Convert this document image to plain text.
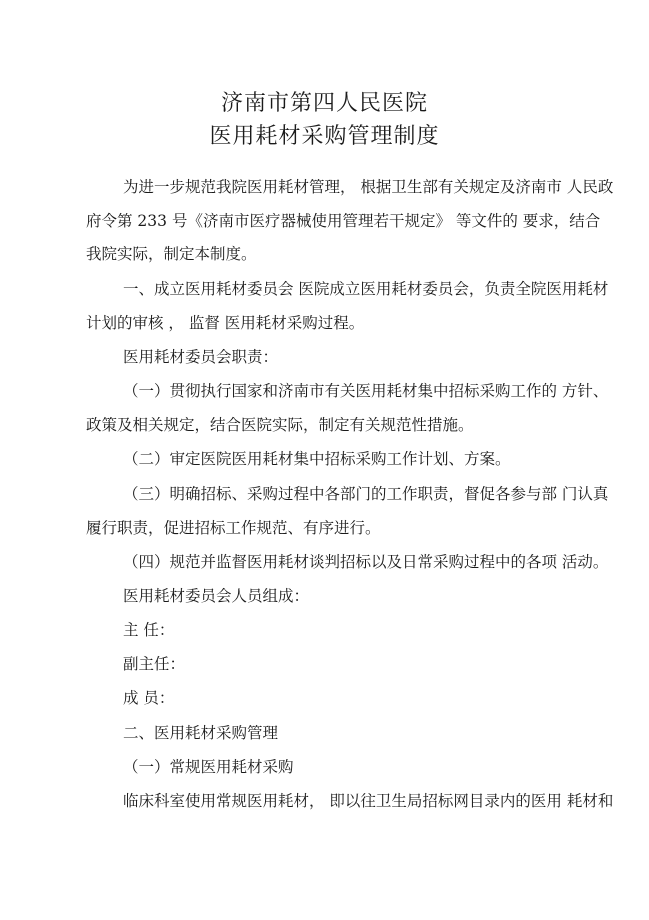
济南市第四人民医院
医用耗材采购管理制度
为进一步规范我院医用耗材管理， 根据卫生部有关规定及济南市 人民政
府令第 233 号《济南市医疗器械使用管理若干规定》 等文件的 要求，结合
我院实际，制定本制度。
一、成立医用耗材委员会 医院成立医用耗材委员会，负责全院医用耗材
计划的审核 ， 监督 医用耗材采购过程。
医用耗材委员会职责：
（一）贯彻执行国家和济南市有关医用耗材集中招标采购工作的 方针、
政策及相关规定，结合医院实际，制定有关规范性措施。
（二）审定医院医用耗材集中招标采购工作计划、方案。
（三）明确招标、采购过程中各部门的工作职责，督促各参与部 门认真
履行职责，促进招标工作规范、有序进行。
（四）规范并监督医用耗材谈判招标以及日常采购过程中的各项 活动。
医用耗材委员会人员组成：
主 任：
副主任：
成 员：
二、医用耗材采购管理
（一）常规医用耗材采购
临床科室使用常规医用耗材， 即以往卫生局招标网目录内的医用 耗材和
